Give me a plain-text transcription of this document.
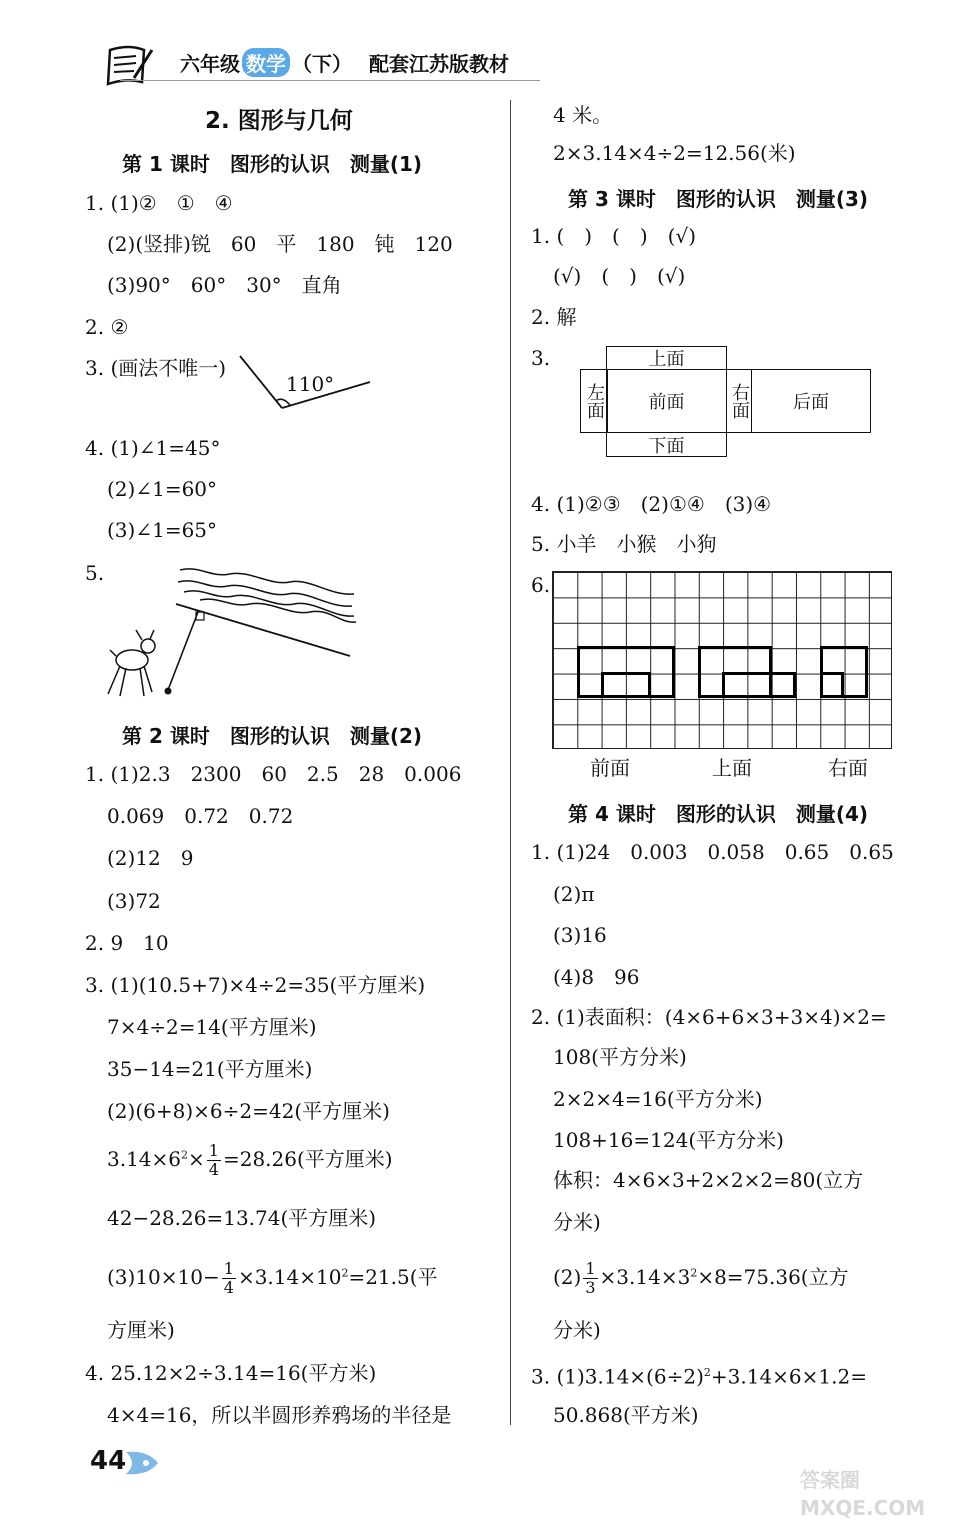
六年级 数学 （下） 配套江苏版教材
2. 图形与几何
第 1 课时　图形的认识　测量(1)
1. (1)②　①　④
(2)(竖排)锐　60　平　180　钝　120
(3)90°　60°　30°　直角
2. ②
3. (画法不唯一)
110°
4. (1)∠1=45°
(2)∠1=60°
(3)∠1=65°
5.
第 2 课时　图形的认识　测量(2)
1. (1)2.3　2300　60　2.5　28　0.006
0.069　0.72　0.72
(2)12　9
(3)72
2. 9　10
3. (1)(10.5+7)×4÷2=35(平方厘米)
7×4÷2=14(平方厘米)
35−14=21(平方厘米)
(2)(6+8)×6÷2=42(平方厘米)
$3.14\times 6^2\times \frac{1}{4} =28.26$(平方厘米)
42−28.26=13.74(平方厘米)
$(3)10\times 10- \frac{1}{4} \times 3.14\times 10^2=21.5$(平
方厘米)
4. 25.12×2÷3.14=16(平方米)
4×4=16，所以半圆形养鸦场的半径是
4 米。
2×3.14×4÷2=12.56(米)
第 3 课时　图形的认识　测量(3)
1. (　)　(　)　(√)
(√)　(　)　(√)
2. 解
3.	上面
左面 前面 右面 后面
下面
4. (1)②③　(2)①④　(3)④
5. 小羊　小猴　小狗
6.
前面	上面	右面
第 4 课时　图形的认识　测量(4)
1. (1)24　0.003　0.058　0.65　0.65
(2)π
(3)16
(4)8　96
2. (1)表面积：(4×6+6×3+3×4)×2=
108(平方分米)
2×2×4=16(平方分米)
108+16=124(平方分米)
体积：4×6×3+2×2×2=80(立方
分米)
$(2) \frac{1}{3} \times 3.14\times 3^2\times 8=75.36$(立方
分米)
3. $(1)3.14\times(6\div 2)^2+3.14\times 6\times 1.2=$
50.868(平方米)
44
答案圈 MXQE.COM
